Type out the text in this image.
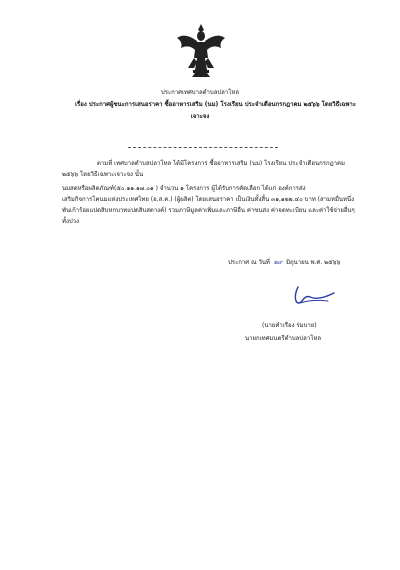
ประกาศเทศบาลตำบลปลาโหล
เรื่อง ประกาศผู้ชนะการเสนอราคา ซื้ออาหารเสริม (นม) โรงเรียน ประจำเดือนกรกฎาคม ๒๕๖๖ โดยวิธีเฉพาะ
เจาะจง
ตามที่ เทศบาลตำบลปลาโหล ได้มีโครงการ ซื้ออาหารเสริม (นม) โรงเรียน ประจำเดือนกรกฎาคม
๒๕๖๖ โดยวิธีเฉพาะเจาะจง นั้น
นมสดหรือผลิตภัณฑ์(๕๐.๑๑.๑๗.๐๑ ) จำนวน ๑ โครงการ ผู้ได้รับการคัดเลือก ได้แก่ องค์การส่ง
เสริมกิจการโคนมแห่งประเทศไทย (อ.ส.ค.) (ผู้ผลิต) โดยเสนอราคา เป็นเงินทั้งสิ้น ๓๑,๑๒๒.๔๐ บาท (สามหมื่นหนึ่ง
พันเก้าร้อยแปดสิบหกบาทแปดสิบสตางค์) รวมภาษีมูลค่าเพิ่มและภาษีอื่น ค่าขนส่ง ค่าจดทะเบียน และค่าใช้จ่ายอื่นๆ
ทั้งปวง
ประกาศ ณ วันที่ ๒๙ มิถุนายน พ.ศ. ๒๕๖๖
(นายคำเรือง ร่มบาย)
นายกเทศมนตรีตำบลปลาโหล
